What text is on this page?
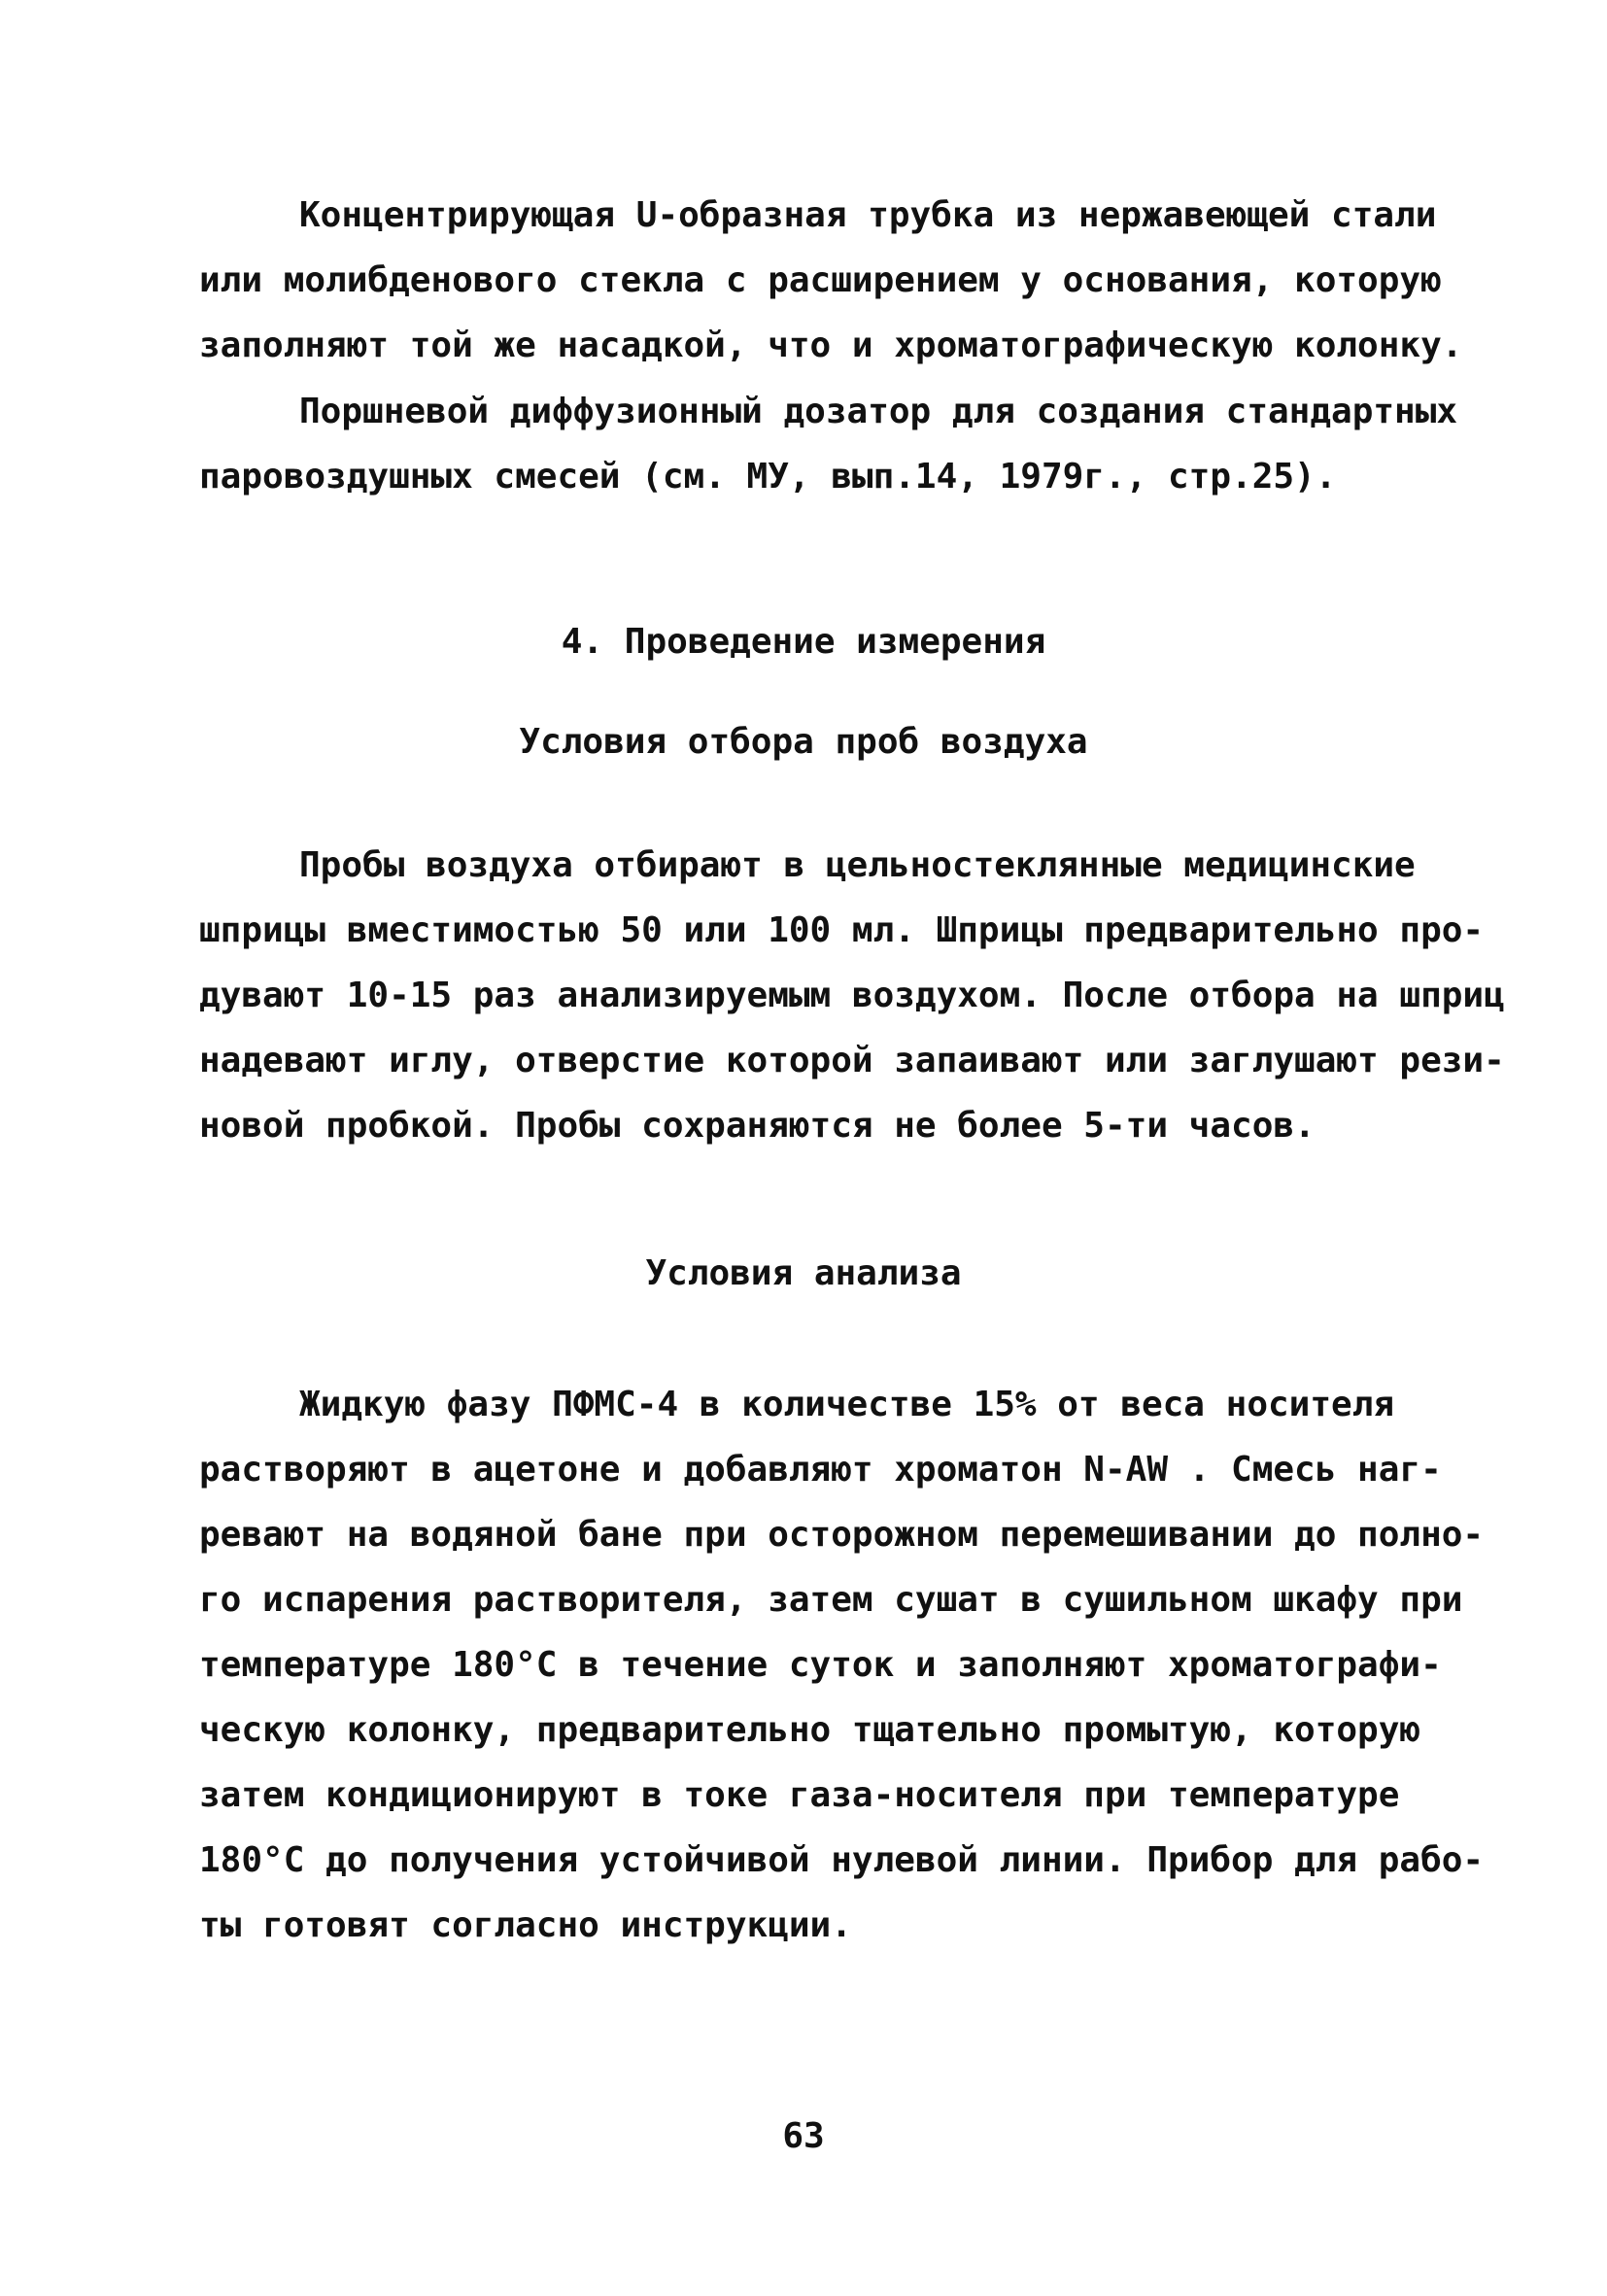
Концентрирующая U-образная трубка из нержавеющей стали
или молибденового стекла с расширением у основания, которую
заполняют той же насадкой, что и хроматографическую колонку.
Поршневой диффузионный дозатор для создания стандартных
паровоздушных смесей (см. МУ, вып.14, 1979г., стр.25).
4. Проведение измерения
Условия отбора проб воздуха
Пробы воздуха отбирают в цельностеклянные медицинские
шприцы вместимостью 50 или 100 мл. Шприцы предварительно про-
дувают 10-15 раз анализируемым воздухом. После отбора на шприц
надевают иглу, отверстие которой запаивают или заглушают рези-
новой пробкой. Пробы сохраняются не более 5-ти часов.
Условия анализа
Жидкую фазу ПФМС-4 в количестве 15% от веса носителя
растворяют в ацетоне и добавляют хроматон N-AW . Смесь наг-
ревают на водяной бане при осторожном перемешивании до полно-
го испарения растворителя, затем сушат в сушильном шкафу при
температуре 180°С в течение суток и заполняют хроматографи-
ческую колонку, предварительно тщательно промытую, которую
затем кондиционируют в токе газа-носителя при температуре
180°С до получения устойчивой нулевой линии. Прибор для рабо-
ты готовят согласно инструкции.
63
